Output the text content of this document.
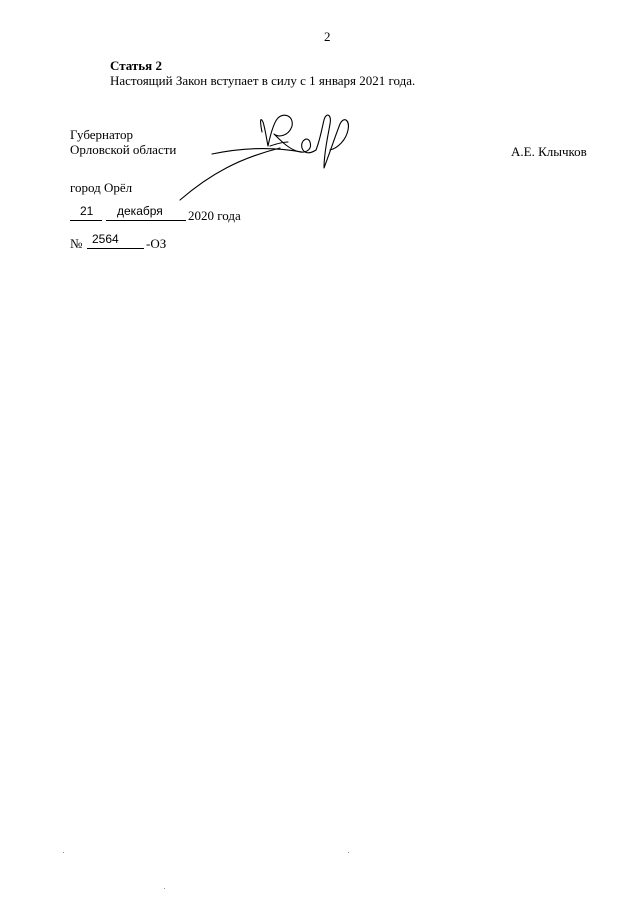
2
Статья 2
Настоящий Закон вступает в силу с 1 января 2021 года.
Губернатор
Орловской области	А.Е. Клычков
город Орёл
21 декабря 2020 года
№ 2564 -ОЗ
